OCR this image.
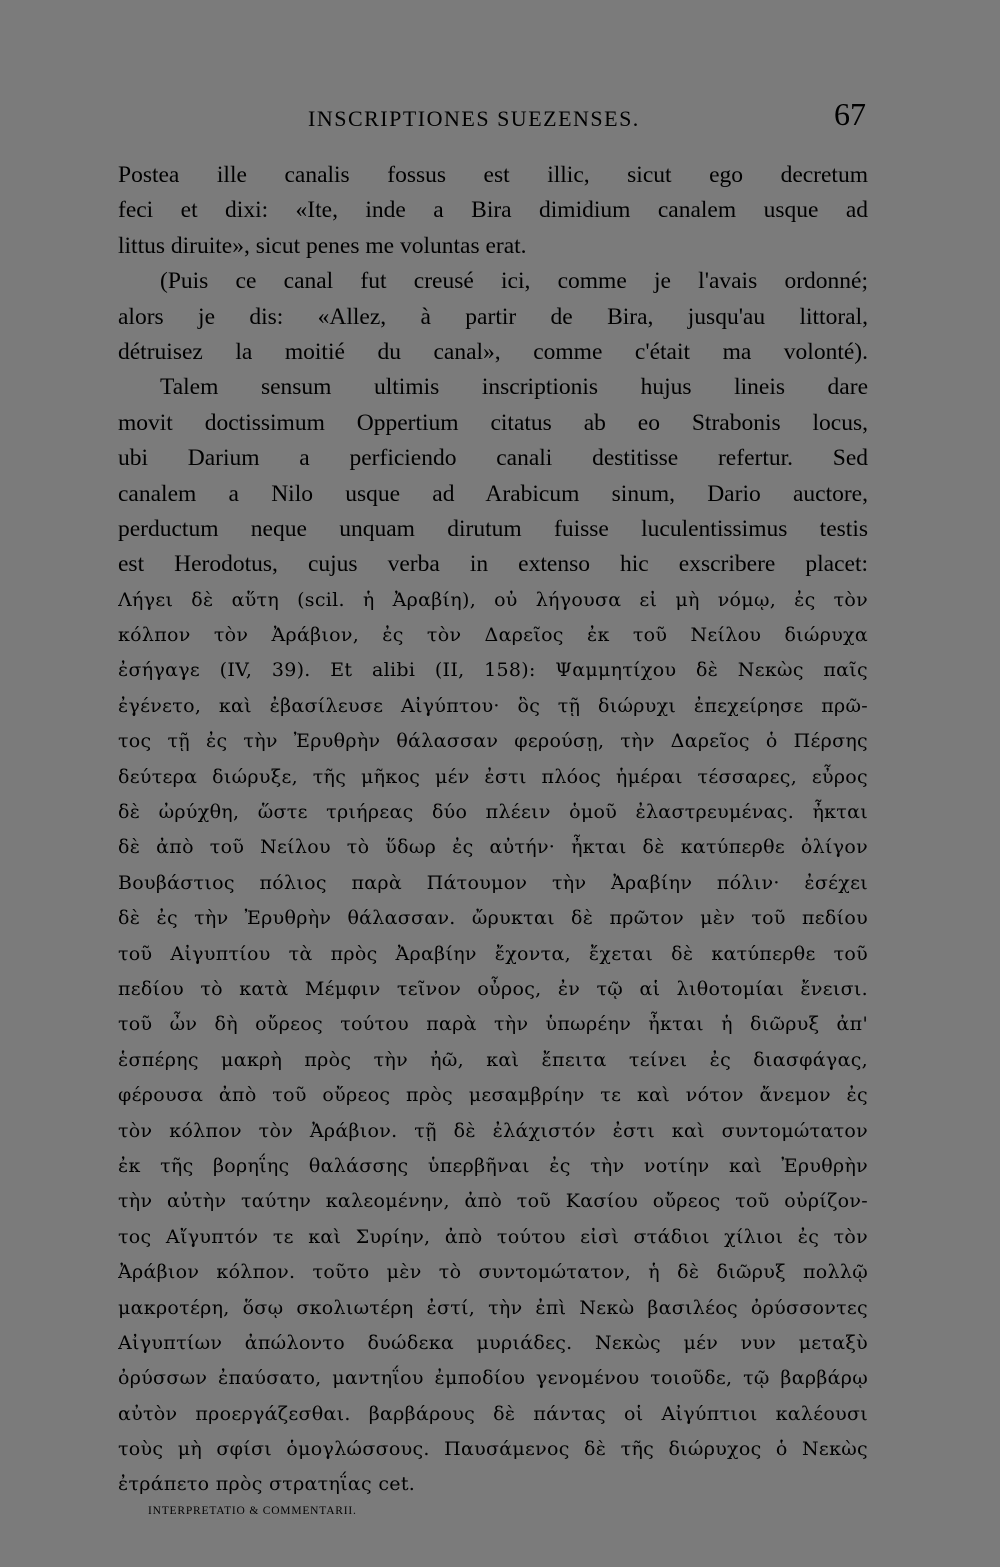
INSCRIPTIONES SUEZENSES.	67
Postea ille canalis fossus est illic, sicut ego decretum
feci et dixi: «Ite, inde a Bira dimidium canalem usque ad
littus diruite», sicut penes me voluntas erat.
(Puis ce canal fut creusé ici, comme je l'avais ordonné;
alors je dis: «Allez, à partir de Bira, jusqu'au littoral,
détruisez la moitié du canal», comme c'était ma volonté).
Talem sensum ultimis inscriptionis hujus lineis dare
movit doctissimum Oppertium citatus ab eo Strabonis locus,
ubi Darium a perficiendo canali destitisse refertur. Sed
canalem a Nilo usque ad Arabicum sinum, Dario auctore,
perductum neque unquam dirutum fuisse luculentissimus testis
est Herodotus, cujus verba in extenso hic exscribere placet:
Λήγει δὲ αὕτη (scil. ἡ Ἀραβίη), οὐ λήγουσα εἰ μὴ νόμῳ, ἐς τὸν
κόλπον τὸν Ἀράβιον, ἐς τὸν Δαρεῖος ἐκ τοῦ Νείλου διώρυχα
ἐσήγαγε (IV, 39). Et alibi (II, 158): Ψαμμητίχου δὲ Νεκὼς παῖς
ἐγένετο, καὶ ἐβασίλευσε Αἰγύπτου· ὃς τῇ διώρυχι ἐπεχείρησε πρῶ-
τος τῇ ἐς τὴν Ἐρυθρὴν θάλασσαν φερούσῃ, τὴν Δαρεῖος ὁ Πέρσης
δεύτερα διώρυξε, τῆς μῆκος μέν ἐστι πλόος ἡμέραι τέσσαρες, εὖρος
δὲ ὠρύχθη, ὥστε τριήρεας δύο πλέειν ὁμοῦ ἐλαστρευμένας. ἦκται
δὲ ἀπὸ τοῦ Νείλου τὸ ὕδωρ ἐς αὐτήν· ἦκται δὲ κατύπερθε ὀλίγον
Βουβάστιος πόλιος παρὰ Πάτουμον τὴν Ἀραβίην πόλιν· ἐσέχει
δὲ ἐς τὴν Ἐρυθρὴν θάλασσαν. ὤρυκται δὲ πρῶτον μὲν τοῦ πεδίου
τοῦ Αἰγυπτίου τὰ πρὸς Ἀραβίην ἔχοντα, ἔχεται δὲ κατύπερθε τοῦ
πεδίου τὸ κατὰ Μέμφιν τεῖνον οὖρος, ἐν τῷ αἱ λιθοτομίαι ἔνεισι.
τοῦ ὦν δὴ οὔρεος τούτου παρὰ τὴν ὑπωρέην ἦκται ἡ διῶρυξ ἀπ'
ἑσπέρης μακρὴ πρὸς τὴν ἠῶ, καὶ ἔπειτα τείνει ἐς διασφάγας,
φέρουσα ἀπὸ τοῦ οὔρεος πρὸς μεσαμβρίην τε καὶ νότον ἄνεμον ἐς
τὸν κόλπον τὸν Ἀράβιον. τῇ δὲ ἐλάχιστόν ἐστι καὶ συντομώτατον
ἐκ τῆς βορηΐης θαλάσσης ὑπερβῆναι ἐς τὴν νοτίην καὶ Ἐρυθρὴν
τὴν αὐτὴν ταύτην καλεομένην, ἀπὸ τοῦ Κασίου οὔρεος τοῦ οὐρίζον-
τος Αἴγυπτόν τε καὶ Συρίην, ἀπὸ τούτου εἰσὶ στάδιοι χίλιοι ἐς τὸν
Ἀράβιον κόλπον. τοῦτο μὲν τὸ συντομώτατον, ἡ δὲ διῶρυξ πολλῷ
μακροτέρη, ὅσῳ σκολιωτέρη ἐστί, τὴν ἐπὶ Νεκὼ βασιλέος ὀρύσσοντες
Αἰγυπτίων ἀπώλοντο δυώδεκα μυριάδες. Νεκὼς μέν νυν μεταξὺ
ὀρύσσων ἐπαύσατο, μαντηΐου ἐμποδίου γενομένου τοιοῦδε, τῷ βαρβάρῳ
αὐτὸν προεργάζεσθαι. βαρβάρους δὲ πάντας οἱ Αἰγύπτιοι καλέουσι
τοὺς μὴ σφίσι ὁμογλώσσους. Παυσάμενος δὲ τῆς διώρυχος ὁ Νεκὼς
ἐτράπετο πρὸς στρατηΐας cet.
INTERPRETATIO & COMMENTARII.
